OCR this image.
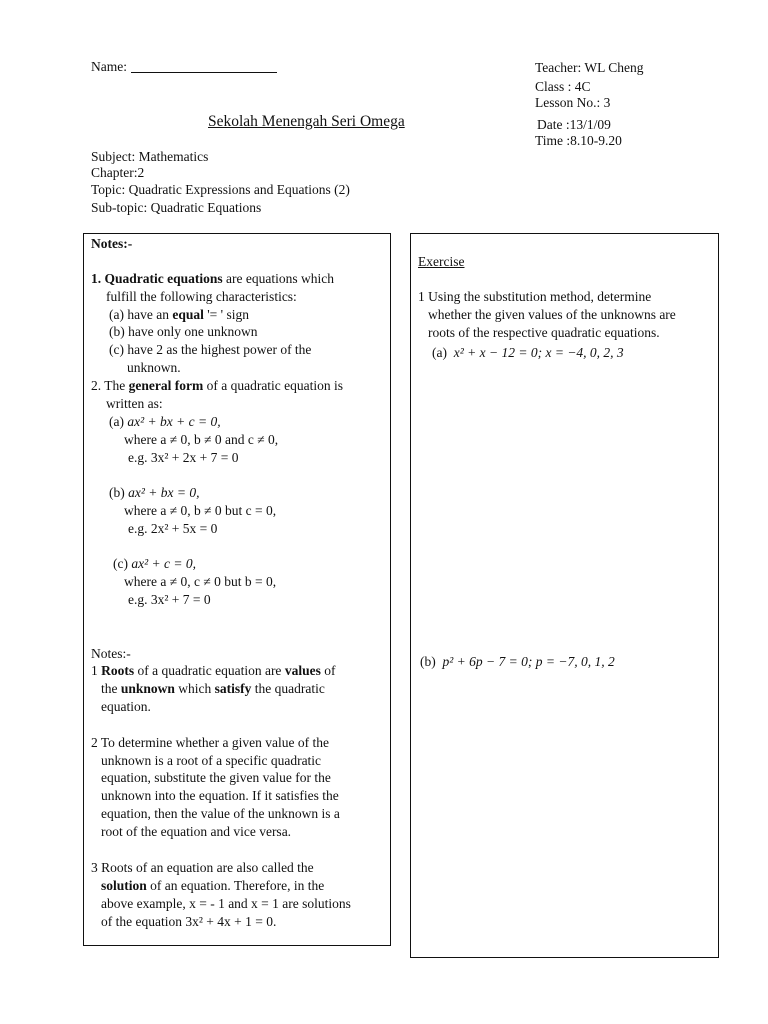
Name:	Teacher: WL Cheng
Class : 4C
Lesson No.: 3
Date :13/1/09
Time :8.10-9.20
Sekolah Menengah Seri Omega
Subject: Mathematics
Chapter:2
Topic: Quadratic Expressions and Equations (2)
Sub-topic: Quadratic Equations
Notes:-
1. Quadratic equations are equations which
fulfill the following characteristics:
(a) have an equal '= ' sign
(b) have only one unknown
(c) have 2 as the highest power of the
unknown.
2. The general form of a quadratic equation is
written as:
(a) ax² + bx + c = 0,
where a ≠ 0, b ≠ 0 and c ≠ 0,
e.g. 3x² + 2x + 7 = 0
(b) ax² + bx = 0,
where a ≠ 0, b ≠ 0 but c = 0,
e.g. 2x² + 5x = 0
(c) ax² + c = 0,
where a ≠ 0, c ≠ 0 but b = 0,
e.g. 3x² + 7 = 0
Notes:-
1 Roots of a quadratic equation are values of
the unknown which satisfy the quadratic
equation.
2 To determine whether a given value of the
unknown is a root of a specific quadratic
equation, substitute the given value for the
unknown into the equation. If it satisfies the
equation, then the value of the unknown is a
root of the equation and vice versa.
3 Roots of an equation are also called the
solution of an equation. Therefore, in the
above example, x = - 1 and x = 1 are solutions
of the equation 3x² + 4x + 1 = 0.
Exercise
1 Using the substitution method, determine
whether the given values of the unknowns are
roots of the respective quadratic equations.
(a) x² + x − 12 = 0; x = −4, 0, 2, 3
(b) p² + 6p − 7 = 0; p = −7, 0, 1, 2
